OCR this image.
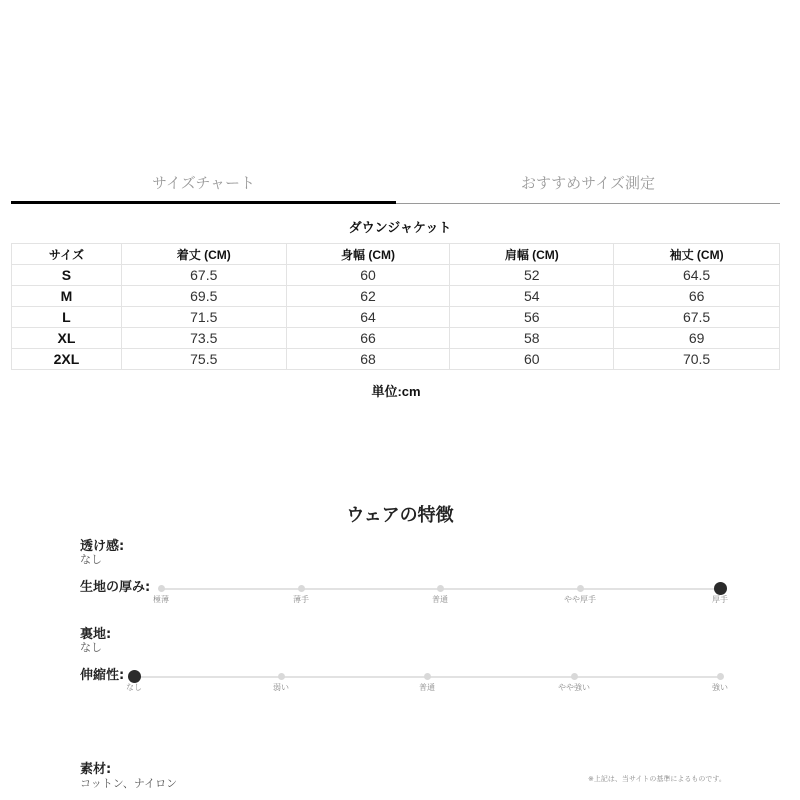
サイズチャート	おすすめサイズ測定
ダウンジャケット
サイズ	着丈 (CM)	身幅 (CM)	肩幅 (CM)	袖丈 (CM)
S	67.5	60	52	64.5
M	69.5	62	54	66
L	71.5	64	56	67.5
XL	73.5	66	58	69
2XL	75.5	68	60	70.5
単位:cm
ウェアの特徴
透け感:
なし
生地の厚み:
極薄	薄手	普通	やや厚手	厚手
裏地:
なし
伸縮性:
なし	弱い	普通	やや強い	強い
素材:
コットン、ナイロン	※上記は、当サイトの基準によるものです。
